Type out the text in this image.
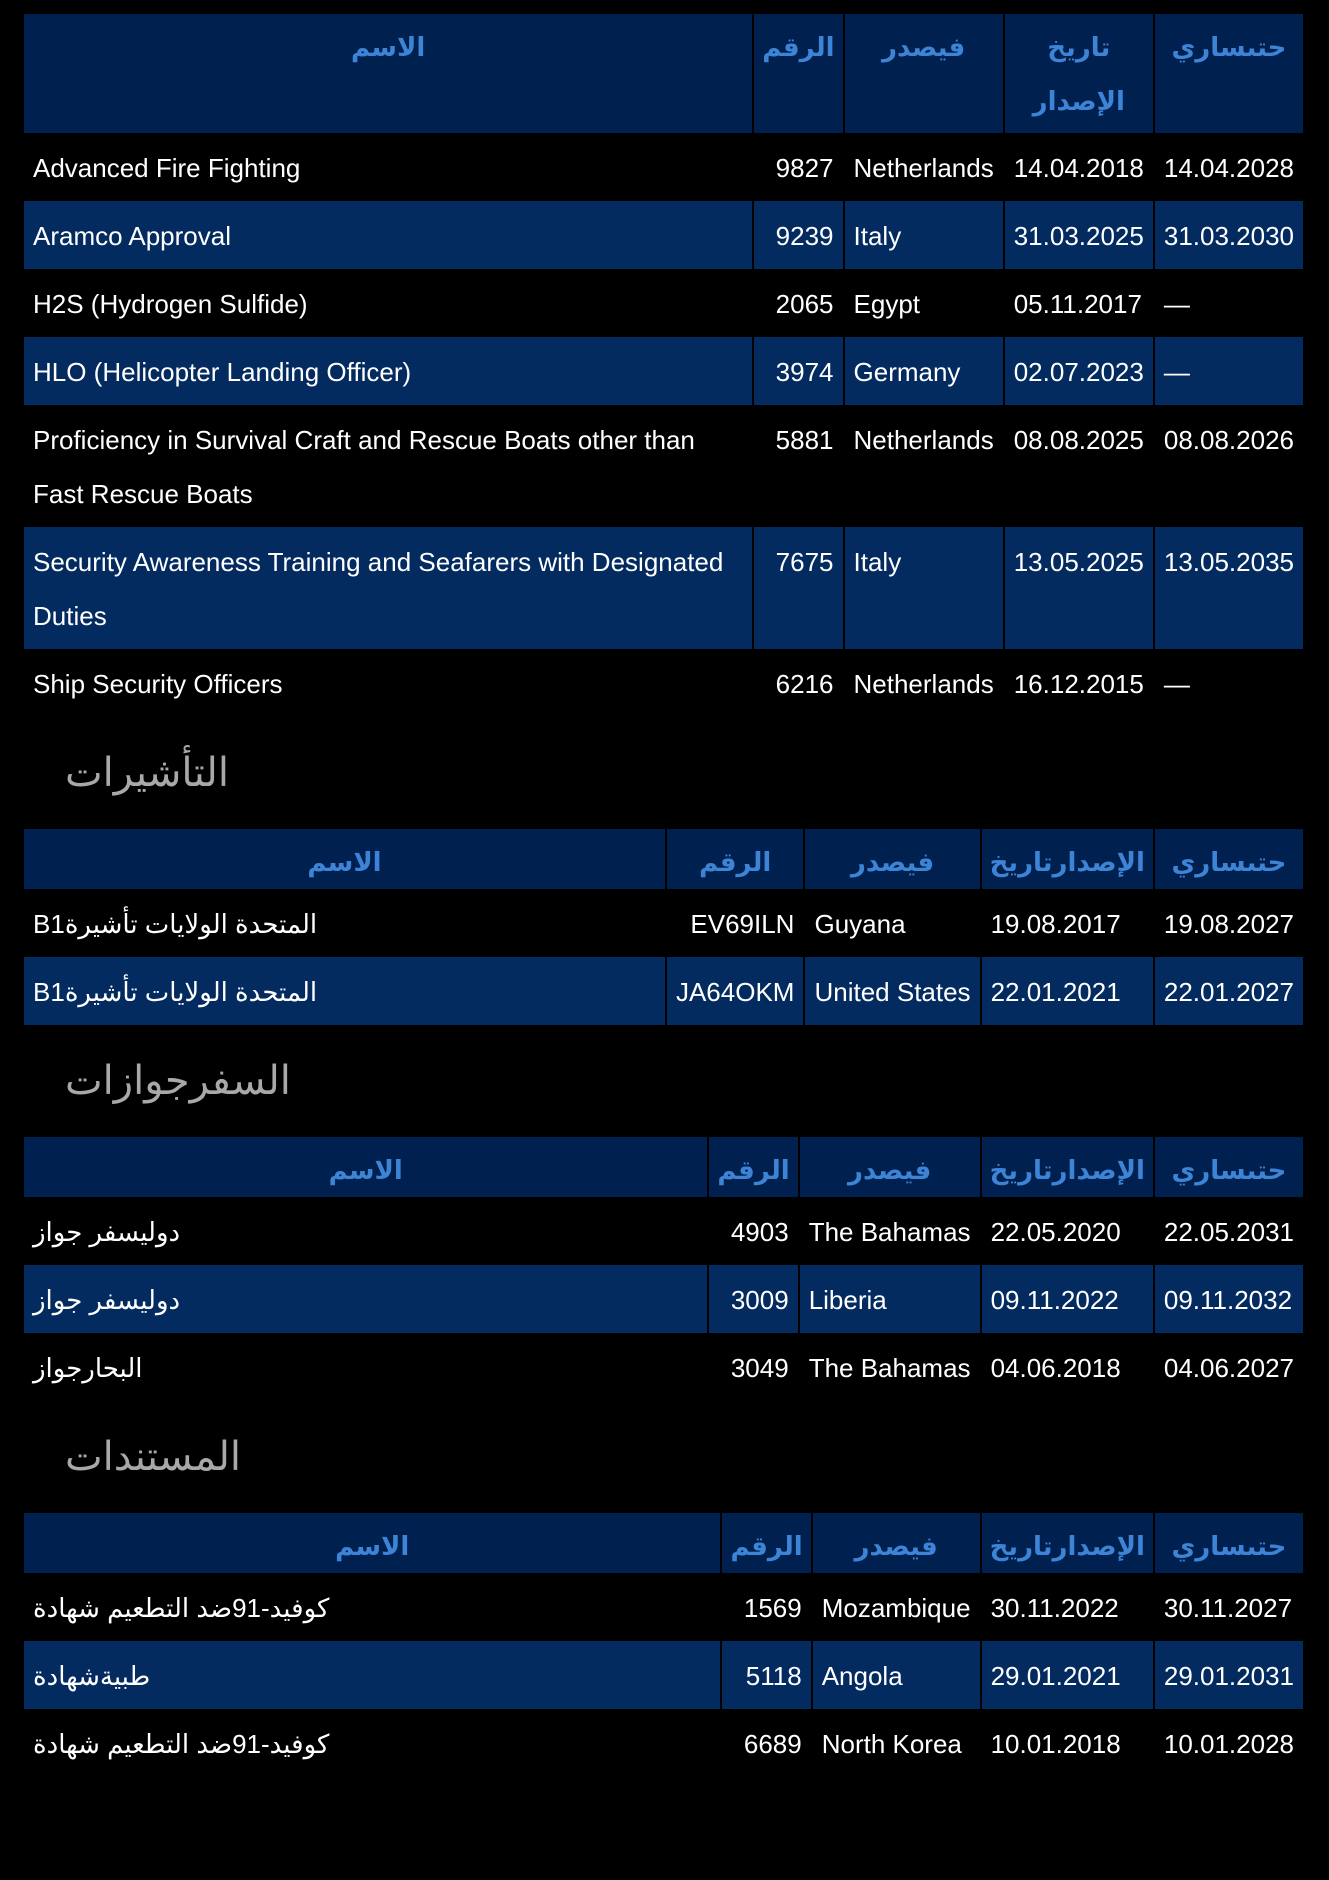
الاسم	الرقم	فيصدر	تاريخ الإصدار	حتىساري
Advanced Fire Fighting	9827	Netherlands	14.04.2018	14.04.2028
Aramco Approval	9239	Italy	31.03.2025	31.03.2030
H2S (Hydrogen Sulfide)	2065	Egypt	05.11.2017	—
HLO (Helicopter Landing Officer)	3974	Germany	02.07.2023	—
Proficiency in Survival Craft and Rescue Boats other than Fast Rescue Boats	5881	Netherlands	08.08.2025	08.08.2026
Security Awareness Training and Seafarers with Designated Duties	7675	Italy	13.05.2025	13.05.2035
Ship Security Officers	6216	Netherlands	16.12.2015	—
التأشيرات
الاسم	الرقم	فيصدر	الإصدارتاريخ	حتىساري
B1المتحدة الولايات تأشيرة	EV69ILN	Guyana	19.08.2017	19.08.2027
B1المتحدة الولايات تأشيرة	JA64OKM	United States	22.01.2021	22.01.2027
السفرجوازات
الاسم	الرقم	فيصدر	الإصدارتاريخ	حتىساري
دوليسفر جواز	4903	The Bahamas	22.05.2020	22.05.2031
دوليسفر جواز	3009	Liberia	09.11.2022	09.11.2032
البحارجواز	3049	The Bahamas	04.06.2018	04.06.2027
المستندات
الاسم	الرقم	فيصدر	الإصدارتاريخ	حتىساري
كوفيد-91ضد التطعيم شهادة	1569	Mozambique	30.11.2022	30.11.2027
طبيةشهادة	5118	Angola	29.01.2021	29.01.2031
كوفيد-91ضد التطعيم شهادة	6689	North Korea	10.01.2018	10.01.2028
